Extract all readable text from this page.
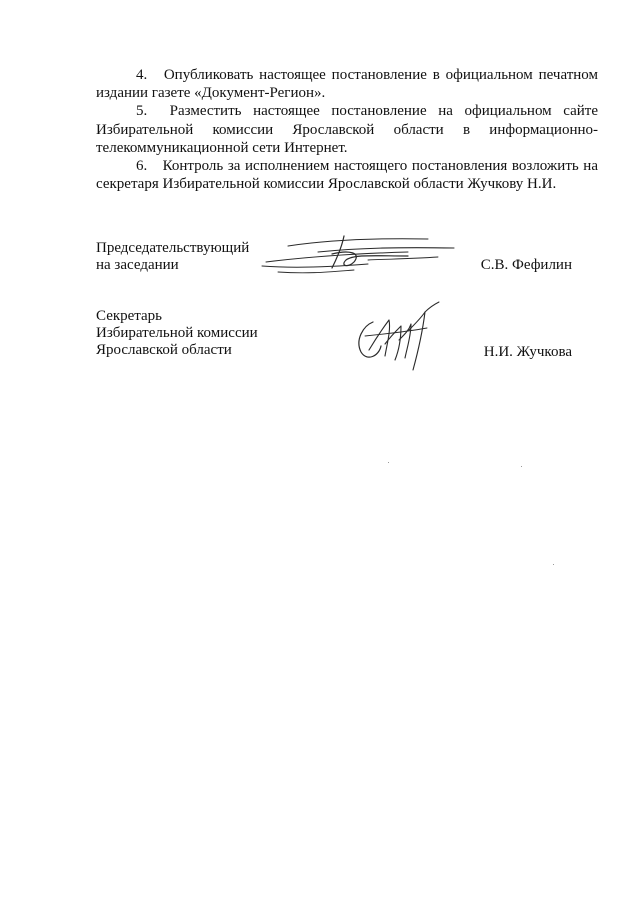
4. Опубликовать настоящее постановление в официальном печатном издании газете «Документ-Регион».

5. Разместить настоящее постановление на официальном сайте Избирательной комиссии Ярославской области в информационно-телекоммуникационной сети Интернет.

6. Контроль за исполнением настоящего постановления возложить на секретаря Избирательной комиссии Ярославской области Жучкову Н.И.

Председательствующий
на заседании	С.В. Фефилин
Секретарь
Избирательной комиссии
Ярославской области	Н.И. Жучкова
